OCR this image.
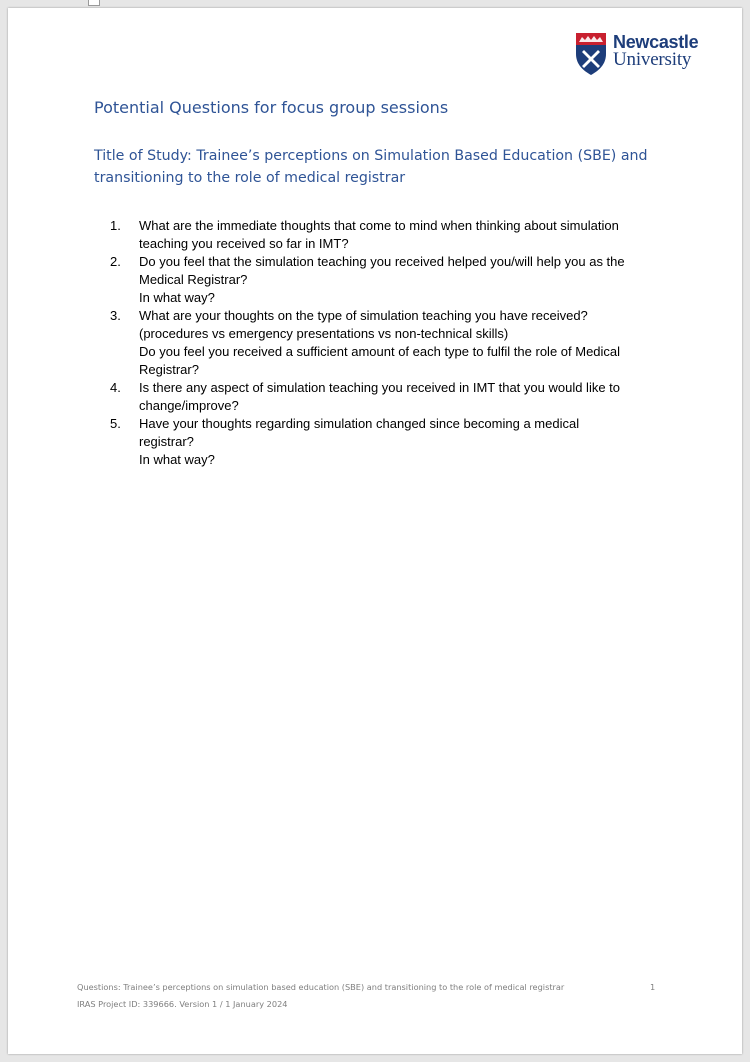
Newcastle
University
Potential Questions for focus group sessions
Title of Study: Trainee’s perceptions on Simulation Based Education (SBE) and transitioning to the role of medical registrar
1.	What are the immediate thoughts that come to mind when thinking about simulation
teaching you received so far in IMT?
2.	Do you feel that the simulation teaching you received helped you/will help you as the
Medical Registrar?
In what way?
3.	What are your thoughts on the type of simulation teaching you have received?
(procedures vs emergency presentations vs non-technical skills)
Do you feel you received a sufficient amount of each type to fulfil the role of Medical
Registrar?
4.	Is there any aspect of simulation teaching you received in IMT that you would like to
change/improve?
5.	Have your thoughts regarding simulation changed since becoming a medical
registrar?
In what way?
Questions: Trainee’s perceptions on simulation based education (SBE) and transitioning to the role of medical registrar
IRAS Project ID: 339666. Version 1 / 1 January 2024
1
